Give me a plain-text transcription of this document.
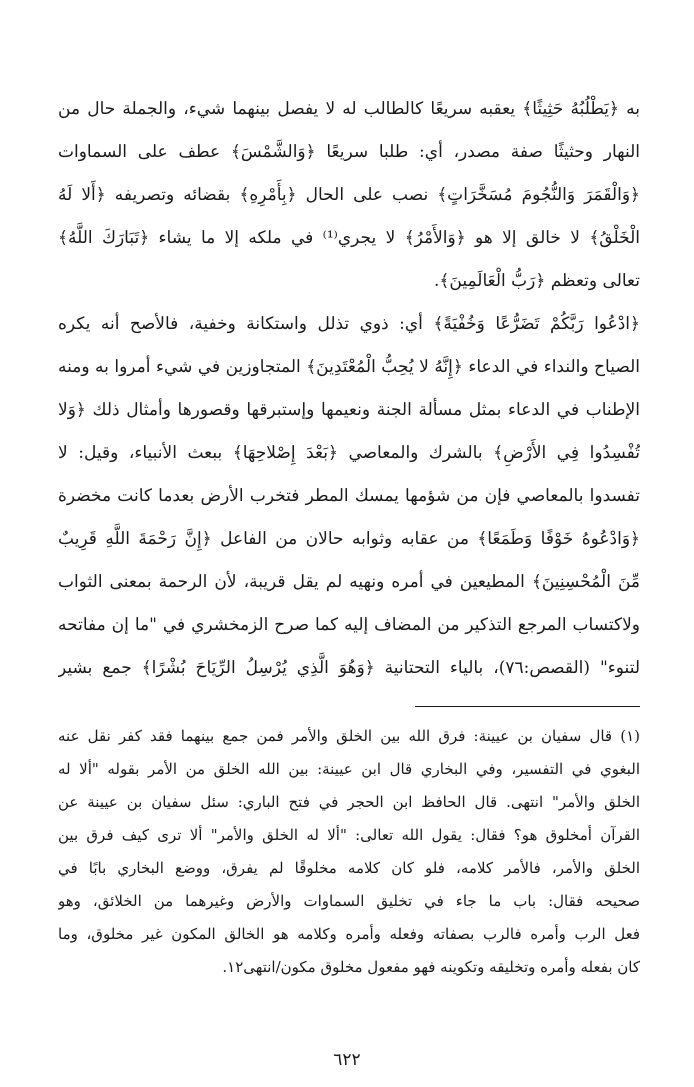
به ﴿يَطْلُبُهُ حَثِيثًا﴾ يعقبه سريعًا كالطالب له لا يفصل بينهما شيء، والجملة حال من
النهار وحثيثًا صفة مصدر، أي: طلبا سريعًا ﴿وَالشَّمْسَ﴾ عطف على السماوات
﴿وَالْقَمَرَ وَالنُّجُومَ مُسَخَّرَاتٍ﴾ نصب على الحال ﴿بِأَمْرِهِ﴾ بقضائه وتصريفه ﴿أَلا لَهُ
الْخَلْقُ﴾ لا خالق إلا هو ﴿وَالأَمْرُ﴾ لا يجري⁽¹⁾ في ملكه إلا ما يشاء ﴿تَبَارَكَ اللَّهُ﴾
تعالى وتعظم ﴿رَبُّ الْعَالَمِينَ﴾.
﴿ادْعُوا رَبَّكُمْ تَضَرُّعًا وَخُفْيَةً﴾ أي: ذوي تذلل واستكانة وخفية، فالأصح أنه يكره
الصياح والنداء في الدعاء ﴿إِنَّهُ لا يُحِبُّ الْمُعْتَدِينَ﴾ المتجاوزين في شيء أمروا به ومنه
الإطناب في الدعاء بمثل مسألة الجنة ونعيمها وإستبرقها وقصورها وأمثال ذلك ﴿وَلا
تُفْسِدُوا فِي الأَرْضِ﴾ بالشرك والمعاصي ﴿بَعْدَ إِصْلاحِهَا﴾ ببعث الأنبياء، وقيل: لا
تفسدوا بالمعاصي فإن من شؤمها يمسك المطر فتخرب الأرض بعدما كانت مخضرة
﴿وَادْعُوهُ خَوْفًا وَطَمَعًا﴾ من عقابه وثوابه حالان من الفاعل ﴿إِنَّ رَحْمَةَ اللَّهِ قَرِيبٌ
مِّنَ الْمُحْسِنِينَ﴾ المطيعين في أمره ونهيه لم يقل قريبة، لأن الرحمة بمعنى الثواب
ولاكتساب المرجع التذكير من المضاف إليه كما صرح الزمخشري في "ما إن مفاتحه
لتنوء" (القصص:٧٦)، بالياء التحتانية ﴿وَهُوَ الَّذِي يُرْسِلُ الرِّيَاحَ بُشْرًا﴾ جمع بشير
(١) قال سفيان بن عيينة: فرق الله بين الخلق والأمر فمن جمع بينهما فقد كفر نقل عنه
البغوي في التفسير، وفي البخاري قال ابن عيينة: بين الله الخلق من الأمر بقوله "ألا له
الخلق والأمر" انتهى. قال الحافظ ابن الحجر في فتح الباري: سئل سفيان بن عيينة عن
القرآن أمخلوق هو؟ فقال: يقول الله تعالى: "ألا له الخلق والأمر" ألا ترى كيف فرق بين
الخلق والأمر، فالأمر كلامه، فلو كان كلامه مخلوقًا لم يفرق، ووضع البخاري بابًا في
صحيحه فقال: باب ما جاء في تخليق السماوات والأرض وغيرهما من الخلائق، وهو
فعل الرب وأمره فالرب بصفاته وفعله وأمره وكلامه هو الخالق المكون غير مخلوق، وما
كان بفعله وأمره وتخليقه وتكوينه فهو مفعول مخلوق مكون/انتهى١٢.
٦٢٢
